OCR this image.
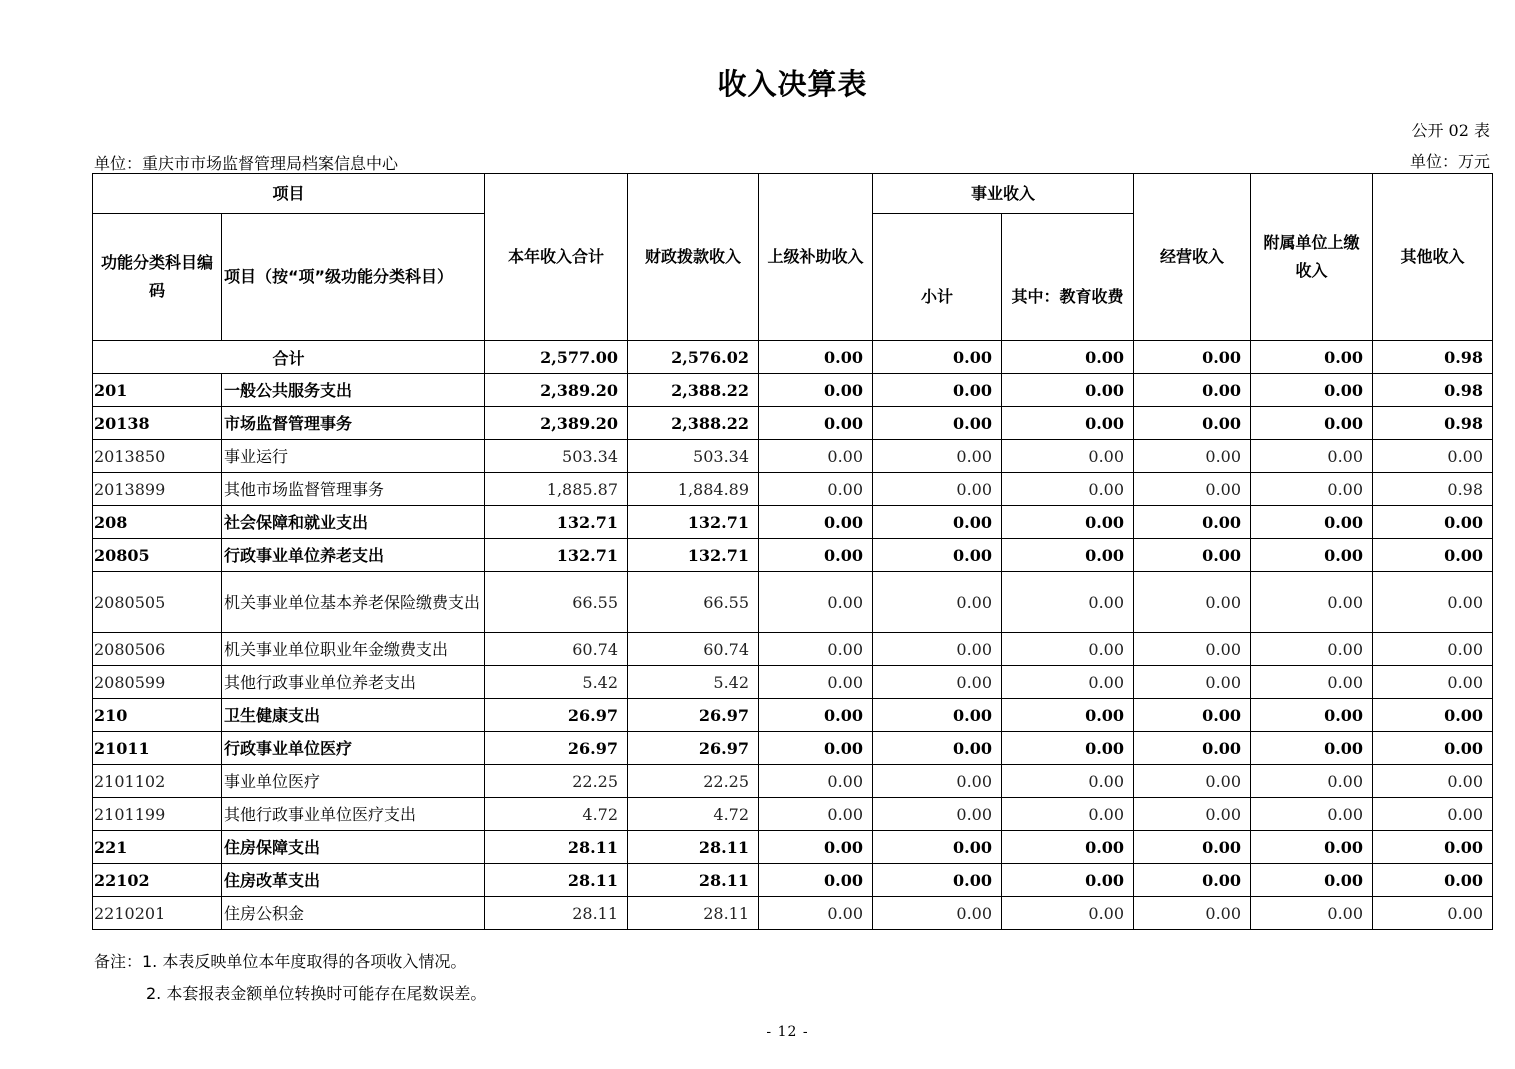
收入决算表
公开 02 表
单位：重庆市市场监督管理局档案信息中心	单位：万元
项目		本年收入合计	财政拨款收入	上级补助收入	事业收入		经营收入	附属单位上缴收入	其他收入
功能分类科目编码	项目（按“项”级功能分类科目）				小计	其中：教育收费			
合计		2,577.00	2,576.02	0.00	0.00	0.00	0.00	0.00	0.98
201	一般公共服务支出	2,389.20	2,388.22	0.00	0.00	0.00	0.00	0.00	0.98
20138	市场监督管理事务	2,389.20	2,388.22	0.00	0.00	0.00	0.00	0.00	0.98
2013850	事业运行	503.34	503.34	0.00	0.00	0.00	0.00	0.00	0.00
2013899	其他市场监督管理事务	1,885.87	1,884.89	0.00	0.00	0.00	0.00	0.00	0.98
208	社会保障和就业支出	132.71	132.71	0.00	0.00	0.00	0.00	0.00	0.00
20805	行政事业单位养老支出	132.71	132.71	0.00	0.00	0.00	0.00	0.00	0.00
2080505	机关事业单位基本养老保险缴费支出	66.55	66.55	0.00	0.00	0.00	0.00	0.00	0.00
2080506	机关事业单位职业年金缴费支出	60.74	60.74	0.00	0.00	0.00	0.00	0.00	0.00
2080599	其他行政事业单位养老支出	5.42	5.42	0.00	0.00	0.00	0.00	0.00	0.00
210	卫生健康支出	26.97	26.97	0.00	0.00	0.00	0.00	0.00	0.00
21011	行政事业单位医疗	26.97	26.97	0.00	0.00	0.00	0.00	0.00	0.00
2101102	事业单位医疗	22.25	22.25	0.00	0.00	0.00	0.00	0.00	0.00
2101199	其他行政事业单位医疗支出	4.72	4.72	0.00	0.00	0.00	0.00	0.00	0.00
221	住房保障支出	28.11	28.11	0.00	0.00	0.00	0.00	0.00	0.00
22102	住房改革支出	28.11	28.11	0.00	0.00	0.00	0.00	0.00	0.00
2210201	住房公积金	28.11	28.11	0.00	0.00	0.00	0.00	0.00	0.00
备注：1. 本表反映单位本年度取得的各项收入情况。
2. 本套报表金额单位转换时可能存在尾数误差。
- 12 -
